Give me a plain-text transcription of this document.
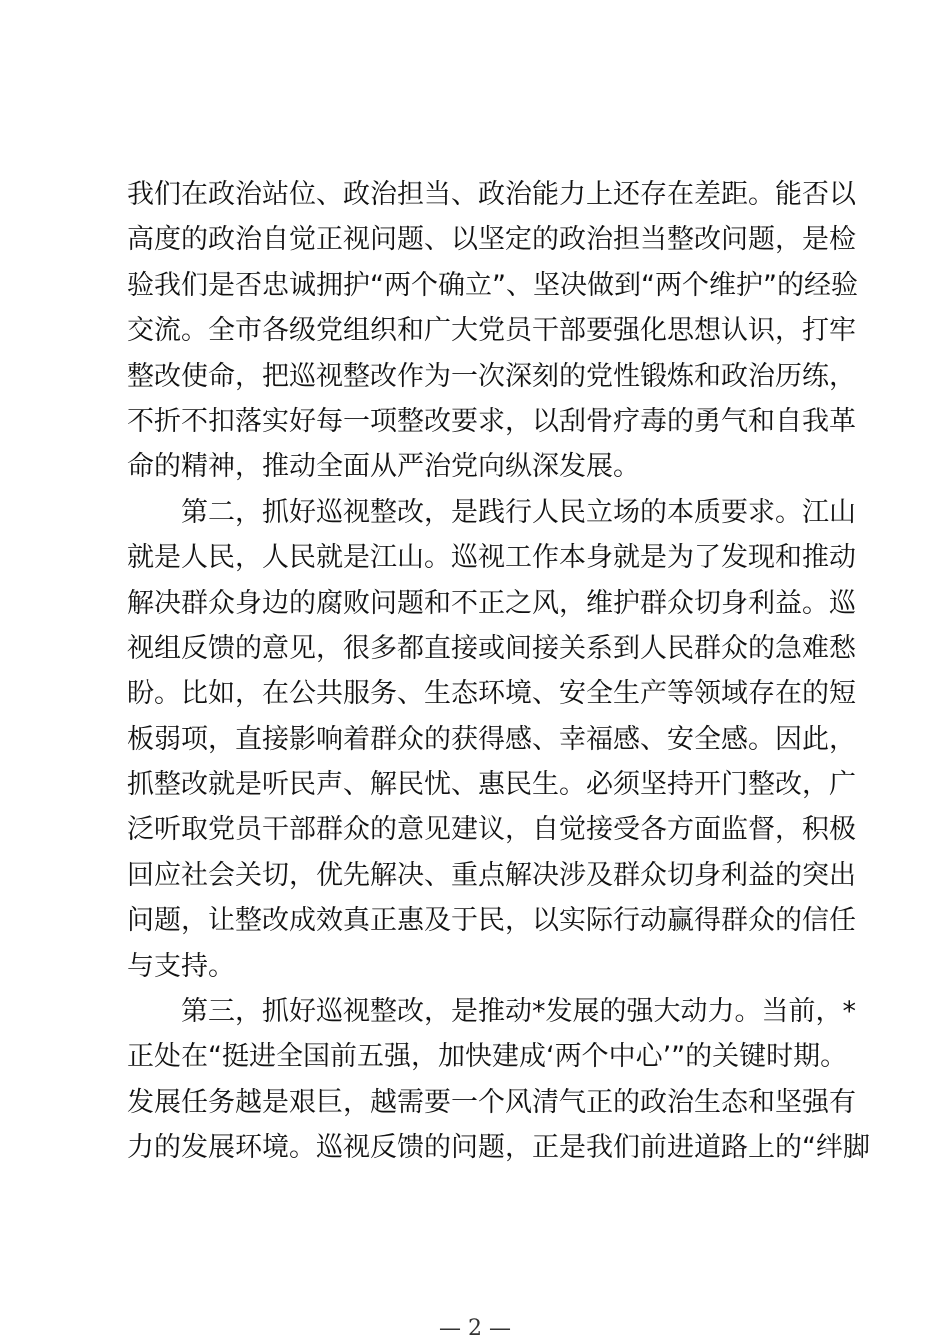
我们在政治站位、政治担当、政治能力上还存在差距。能否以
高度的政治自觉正视问题、以坚定的政治担当整改问题，是检
验我们是否忠诚拥护“两个确立”、坚决做到“两个维护”的经验
交流。全市各级党组织和广大党员干部要强化思想认识，打牢
整改使命，把巡视整改作为一次深刻的党性锻炼和政治历练，
不折不扣落实好每一项整改要求，以刮骨疗毒的勇气和自我革
命的精神，推动全面从严治党向纵深发展。
第二，抓好巡视整改，是践行人民立场的本质要求。江山
就是人民，人民就是江山。巡视工作本身就是为了发现和推动
解决群众身边的腐败问题和不正之风，维护群众切身利益。巡
视组反馈的意见，很多都直接或间接关系到人民群众的急难愁
盼。比如，在公共服务、生态环境、安全生产等领域存在的短
板弱项，直接影响着群众的获得感、幸福感、安全感。因此，
抓整改就是听民声、解民忧、惠民生。必须坚持开门整改，广
泛听取党员干部群众的意见建议，自觉接受各方面监督，积极
回应社会关切，优先解决、重点解决涉及群众切身利益的突出
问题，让整改成效真正惠及于民，以实际行动赢得群众的信任
与支持。
第三，抓好巡视整改，是推动*发展的强大动力。当前，*
正处在“挺进全国前五强，加快建成‘两个中心’”的关键时期。
发展任务越是艰巨，越需要一个风清气正的政治生态和坚强有
力的发展环境。巡视反馈的问题，正是我们前进道路上的“绊脚
— 2 —
